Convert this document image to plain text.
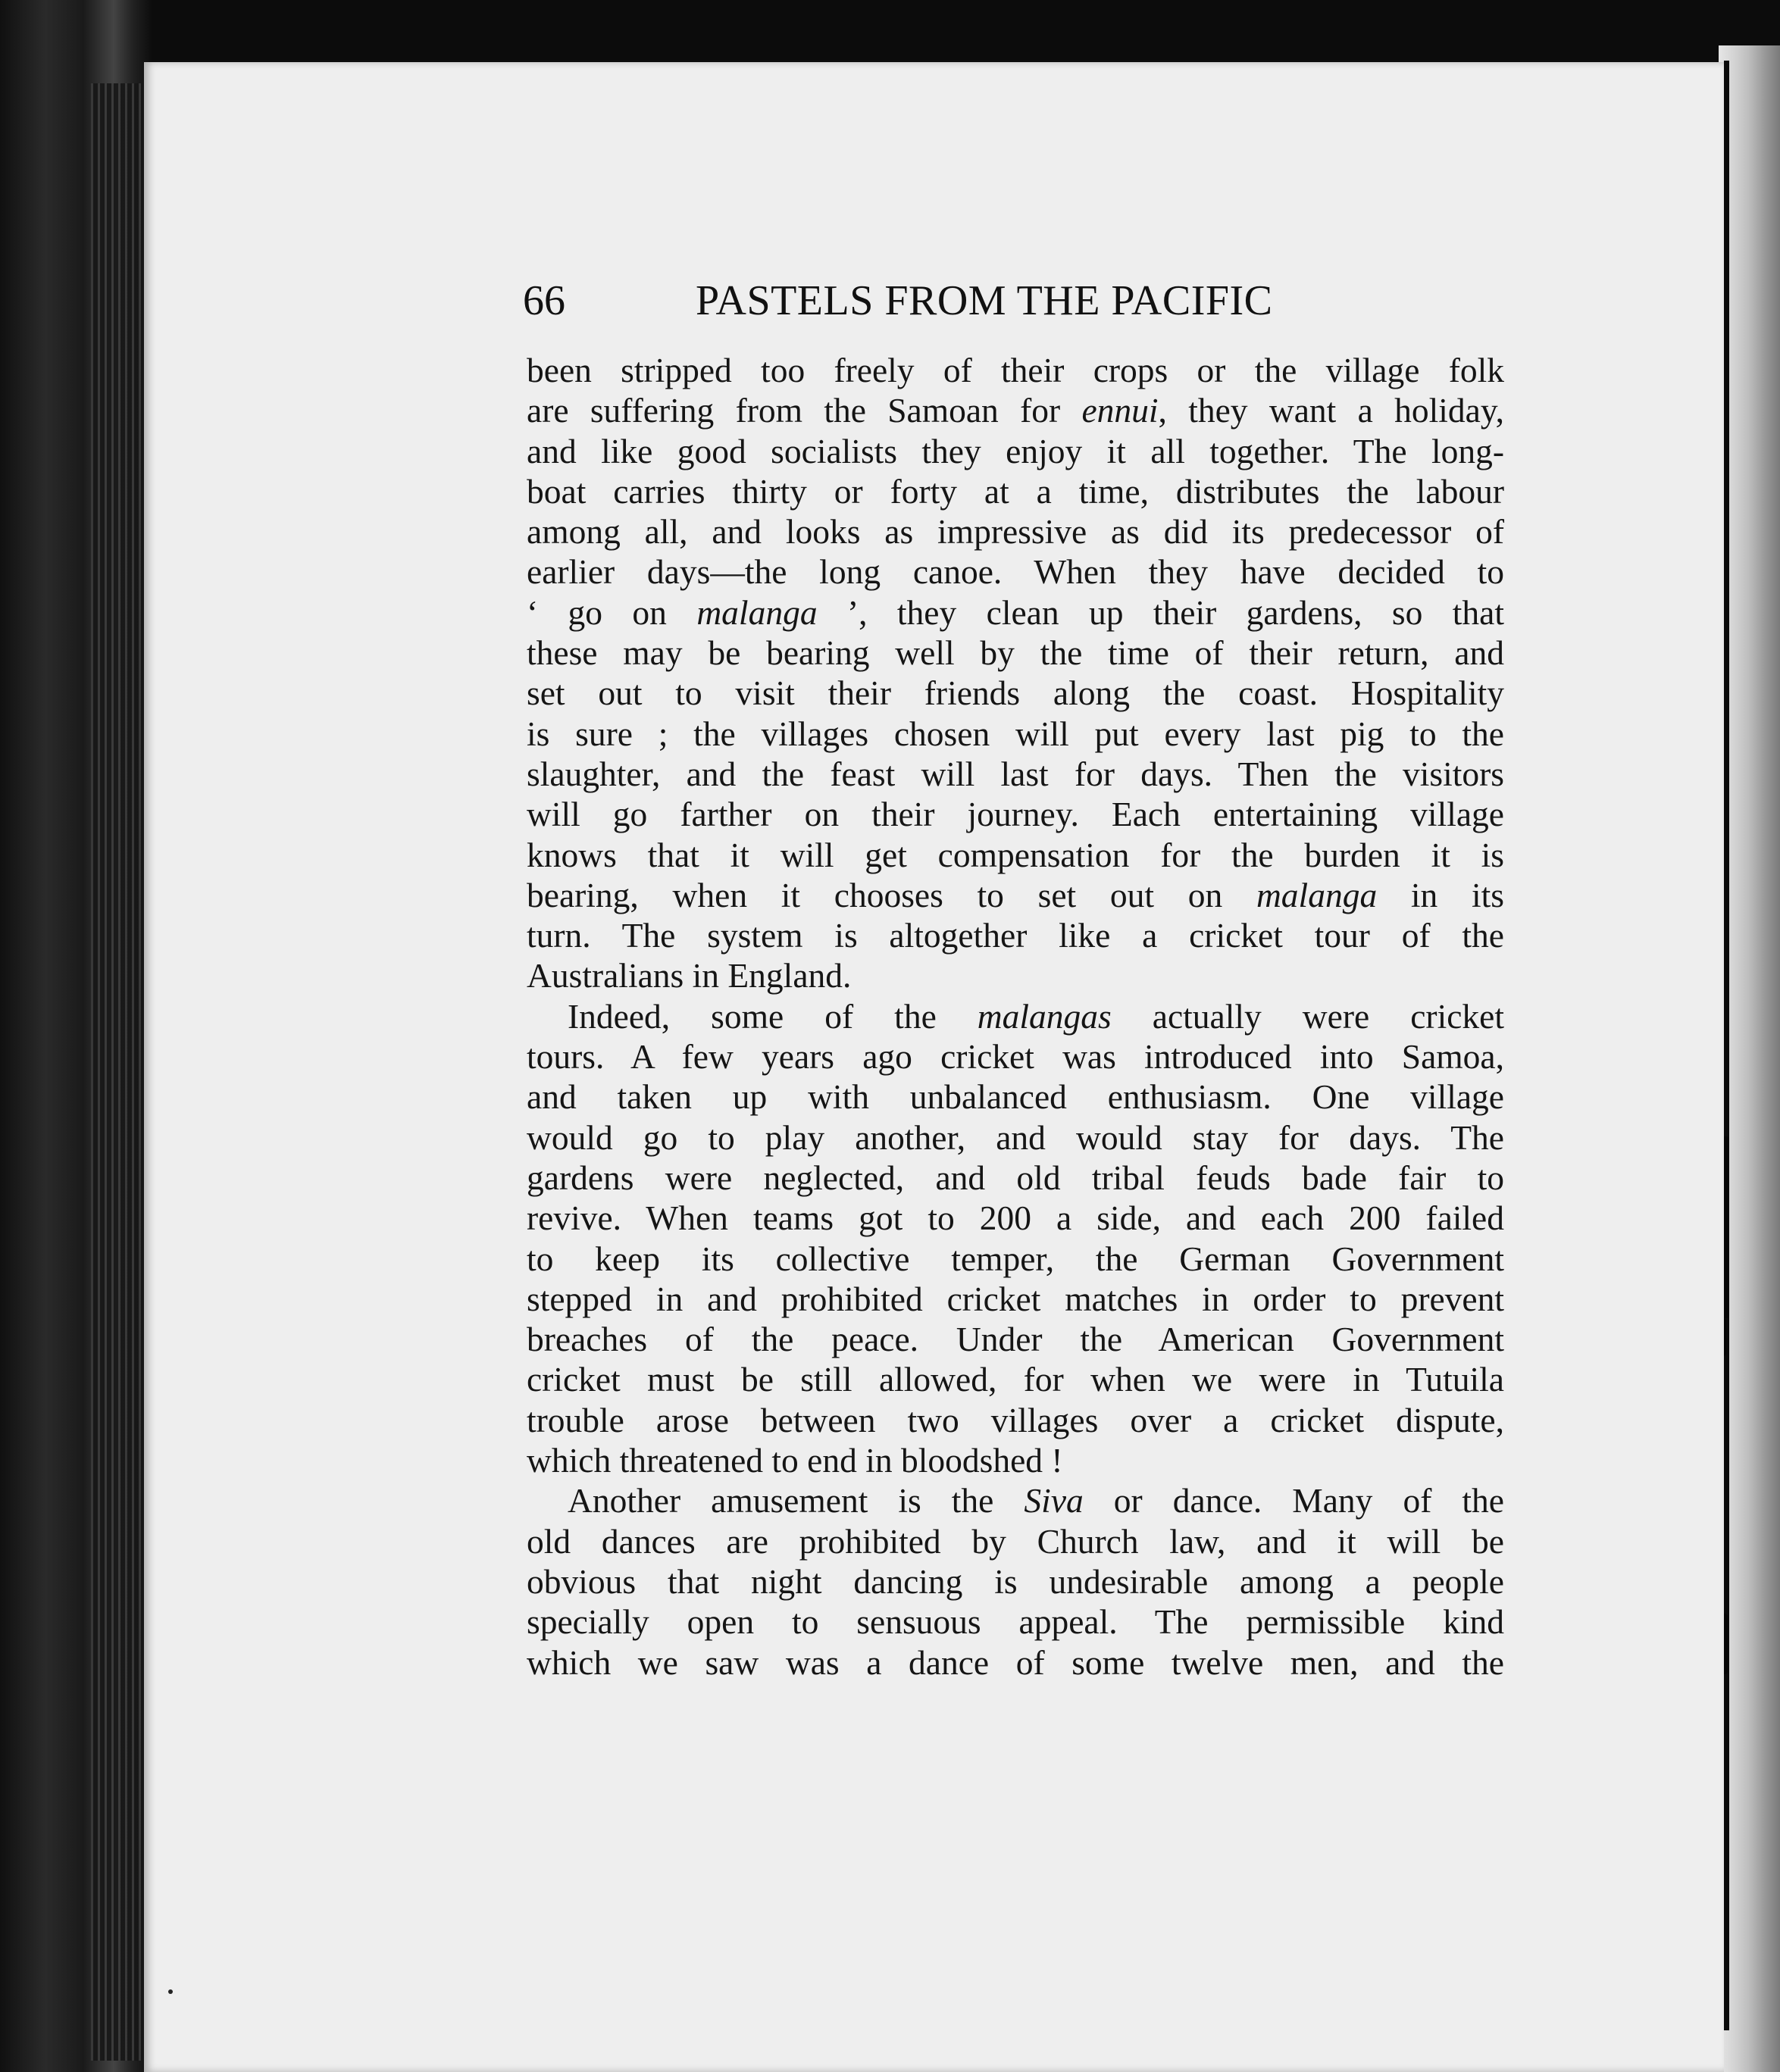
66	PASTELS FROM THE PACIFIC
been stripped too freely of their crops or the village folk
are suffering from the Samoan for ennui, they want a holiday,
and like good socialists they enjoy it all together. The long-
boat carries thirty or forty at a time, distributes the labour
among all, and looks as impressive as did its predecessor of
earlier days—the long canoe. When they have decided to
‘ go on malanga ’, they clean up their gardens, so that
these may be bearing well by the time of their return, and
set out to visit their friends along the coast. Hospitality
is sure ; the villages chosen will put every last pig to the
slaughter, and the feast will last for days. Then the visitors
will go farther on their journey. Each entertaining village
knows that it will get compensation for the burden it is
bearing, when it chooses to set out on malanga in its
turn. The system is altogether like a cricket tour of the
Australians in England.
Indeed, some of the malangas actually were cricket
tours. A few years ago cricket was introduced into Samoa,
and taken up with unbalanced enthusiasm. One village
would go to play another, and would stay for days. The
gardens were neglected, and old tribal feuds bade fair to
revive. When teams got to 200 a side, and each 200 failed
to keep its collective temper, the German Government
stepped in and prohibited cricket matches in order to prevent
breaches of the peace. Under the American Government
cricket must be still allowed, for when we were in Tutuila
trouble arose between two villages over a cricket dispute,
which threatened to end in bloodshed !
Another amusement is the Siva or dance. Many of the
old dances are prohibited by Church law, and it will be
obvious that night dancing is undesirable among a people
specially open to sensuous appeal. The permissible kind
which we saw was a dance of some twelve men, and the
